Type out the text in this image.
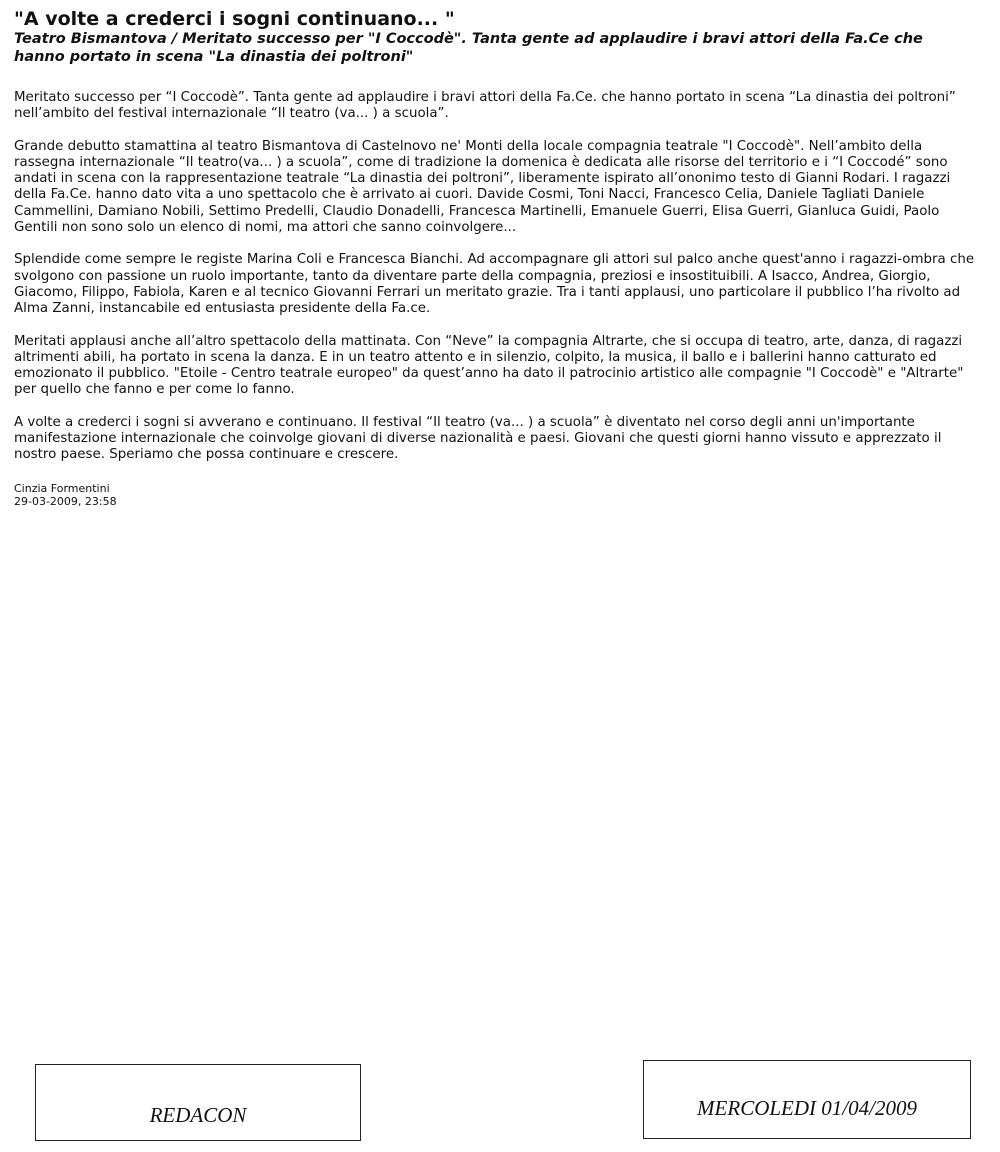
"A volte a crederci i sogni continuano... "
Teatro Bismantova / Meritato successo per "I Coccodè". Tanta gente ad applaudire i bravi attori della Fa.Ce che hanno portato in scena "La dinastia dei poltroni"

Meritato successo per “I Coccodè”. Tanta gente ad applaudire i bravi attori della Fa.Ce. che hanno portato in scena “La dinastia dei poltroni” nell’ambito del festival internazionale “Il teatro (va... ) a scuola”.

Grande debutto stamattina al teatro Bismantova di Castelnovo ne' Monti della locale compagnia teatrale "I Coccodè". Nell’ambito della rassegna internazionale “Il teatro(va... ) a scuola”, come di tradizione la domenica è dedicata alle risorse del territorio e i “I Coccodé” sono andati in scena con la rappresentazione teatrale “La dinastia dei poltroni”, liberamente ispirato all’ononimo testo di Gianni Rodari. I ragazzi della Fa.Ce. hanno dato vita a uno spettacolo che è arrivato ai cuori. Davide Cosmi, Toni Nacci, Francesco Celia, Daniele Tagliati Daniele Cammellini, Damiano Nobili, Settimo Predelli, Claudio Donadelli, Francesca Martinelli, Emanuele Guerri, Elisa Guerri, Gianluca Guidi, Paolo Gentili non sono solo un elenco di nomi, ma attori che sanno coinvolgere...

Splendide come sempre le registe Marina Coli e Francesca Bianchi. Ad accompagnare gli attori sul palco anche quest'anno i ragazzi-ombra che svolgono con passione un ruolo importante, tanto da diventare parte della compagnia, preziosi e insostituibili. A Isacco, Andrea, Giorgio, Giacomo, Filippo, Fabiola, Karen e al tecnico Giovanni Ferrari un meritato grazie. Tra i tanti applausi, uno particolare il pubblico l’ha rivolto ad Alma Zanni, instancabile ed entusiasta presidente della Fa.ce.

Meritati applausi anche all’altro spettacolo della mattinata. Con “Neve” la compagnia Altrarte, che si occupa di teatro, arte, danza, di ragazzi altrimenti abili, ha portato in scena la danza. E in un teatro attento e in silenzio, colpito, la musica, il ballo e i ballerini hanno catturato ed emozionato il pubblico. "Etoile - Centro teatrale europeo" da quest’anno ha dato il patrocinio artistico alle compagnie "I Coccodè" e "Altrarte" per quello che fanno e per come lo fanno.

A volte a crederci i sogni si avverano e continuano. Il festival “Il teatro (va... ) a scuola” è diventato nel corso degli anni un'importante manifestazione internazionale che coinvolge giovani di diverse nazionalità e paesi. Giovani che questi giorni hanno vissuto e apprezzato il nostro paese. Speriamo che possa continuare e crescere.

Cinzia Formentini
29-03-2009, 23:58
REDACON	MERCOLEDI 01/04/2009
